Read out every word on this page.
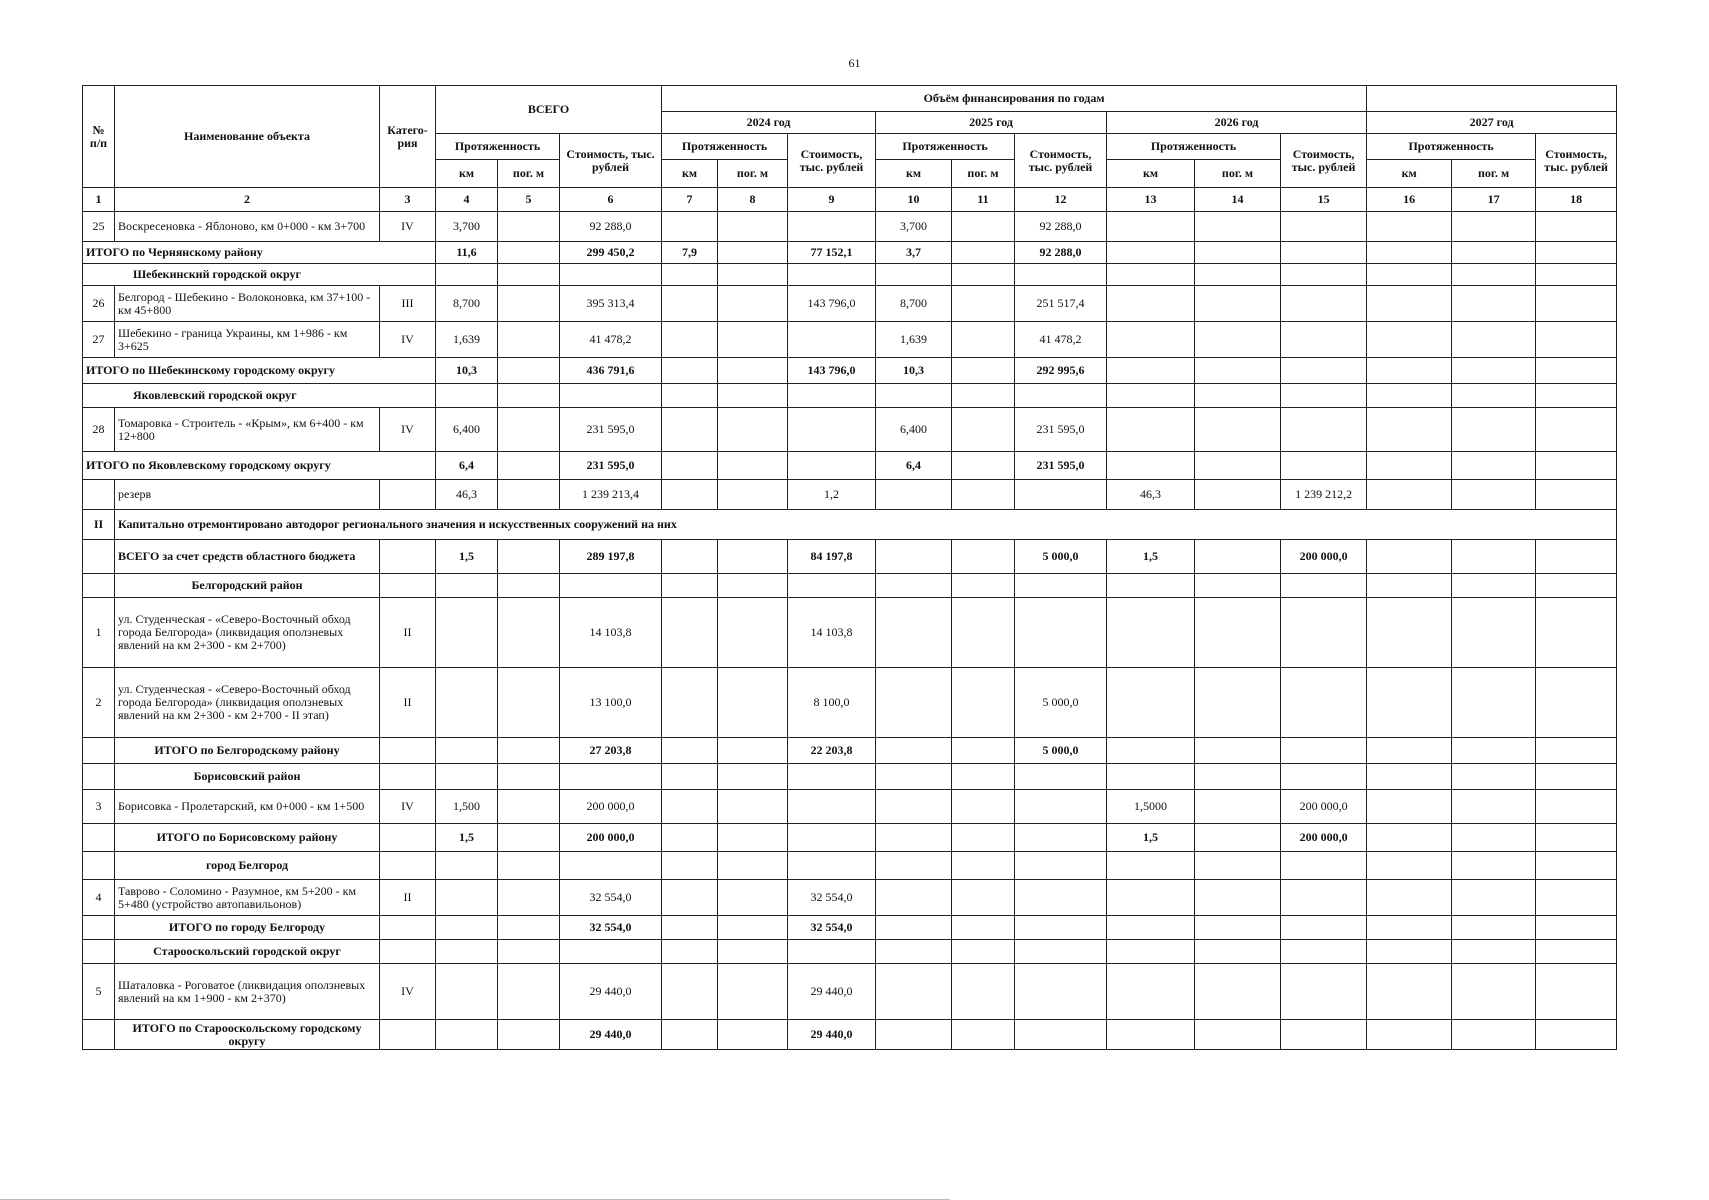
61
№ п/п	Наименование объекта	Катего- рия	ВСЕГО			Объём финансирования по годам											
						2024 год			2025 год			2026 год			2027 год		
			Протяженность		Стоимость, тыс. рублей	Протяженность		Стоимость, тыс. рублей	Протяженность		Стоимость, тыс. рублей	Протяженность		Стоимость, тыс. рублей	Протяженность		Стоимость, тыс. рублей
			км	пог. м		км	пог. м		км	пог. м		км	пог. м		км	пог. м	
1	2	3	4	5	6	7	8	9	10	11	12	13	14	15	16	17	18
25	Воскресеновка - Яблоново, км 0+000 - км 3+700	IV	3,700		92 288,0				3,700		92 288,0						
ИТОГО по Чернянскому району			11,6		299 450,2	7,9		77 152,1	3,7		92 288,0						
Шебекинский городской округ																	
26	Белгород - Шебекино - Волоконовка, км 37+100 - км 45+800	III	8,700		395 313,4			143 796,0	8,700		251 517,4						
27	Шебекино - граница Украины, км 1+986 - км 3+625	IV	1,639		41 478,2				1,639		41 478,2						
ИТОГО по Шебекинскому городскому округу			10,3		436 791,6			143 796,0	10,3		292 995,6						
Яковлевский городской округ																	
28	Томаровка - Строитель - «Крым», км 6+400 - км 12+800	IV	6,400		231 595,0				6,400		231 595,0						
ИТОГО по Яковлевскому городскому округу			6,4		231 595,0				6,4		231 595,0						
	резерв		46,3		1 239 213,4			1,2				46,3		1 239 212,2			
II	Капитально отремонтировано автодорог регионального значения и искусственных сооружений на них																
	ВСЕГО за счет средств областного бюджета		1,5		289 197,8			84 197,8			5 000,0	1,5		200 000,0			
	Белгородский район																
1	ул. Студенческая - «Северо-Восточный обход города Белгорода» (ликвидация оползневых явлений на км 2+300 - км 2+700)	II			14 103,8			14 103,8									
2	ул. Студенческая - «Северо-Восточный обход города Белгорода» (ликвидация оползневых явлений на км 2+300 - км 2+700 - II этап)	II			13 100,0			8 100,0			5 000,0						
	ИТОГО по Белгородскому району				27 203,8			22 203,8			5 000,0						
	Борисовский район																
3	Борисовка - Пролетарский, км 0+000 - км 1+500	IV	1,500		200 000,0							1,5000		200 000,0			
	ИТОГО по Борисовскому району		1,5		200 000,0							1,5		200 000,0			
	город Белгород																
4	Таврово - Соломино - Разумное, км 5+200 - км 5+480 (устройство автопавильонов)	II			32 554,0			32 554,0									
	ИТОГО по городу Белгороду				32 554,0			32 554,0									
	Старооскольский городской округ																
5	Шаталовка - Роговатое (ликвидация оползневых явлений на км 1+900 - км 2+370)	IV			29 440,0			29 440,0									
	ИТОГО по Старооскольскому городскому округу				29 440,0			29 440,0									
